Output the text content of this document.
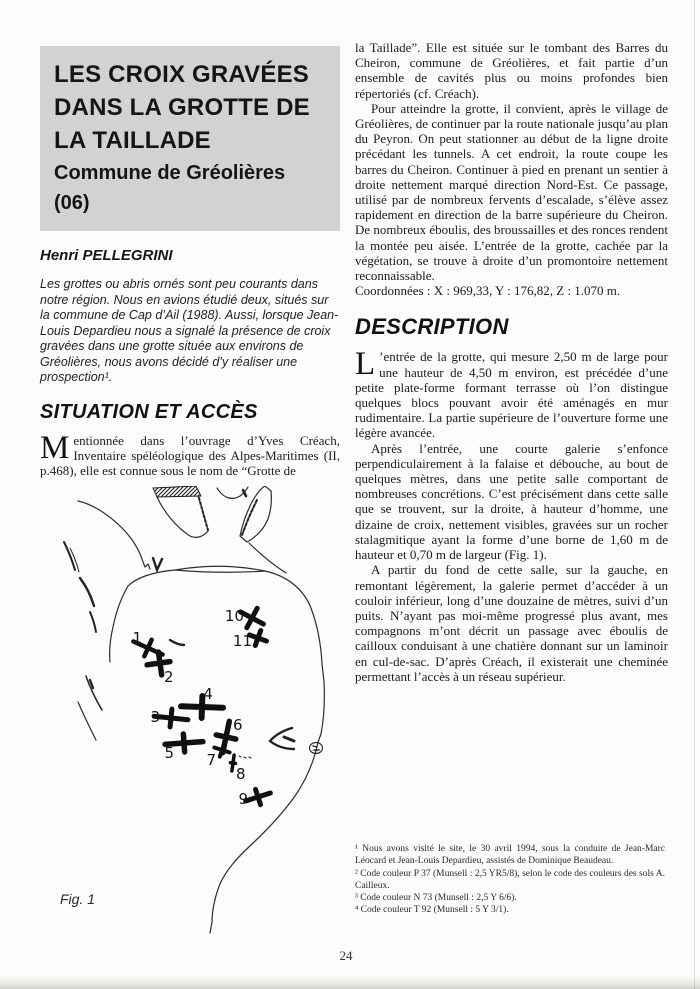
LES CROIX GRAVÉES
DANS LA GROTTE DE
LA TAILLADE
Commune de Gréolières
(06)
Henri PELLEGRINI
Les grottes ou abris ornés sont peu courants dans notre région. Nous en avions étudié deux, situés sur la commune de Cap d’Ail (1988). Aussi, lorsque Jean-Louis Depardieu nous a signalé la présence de croix gravées dans une grotte située aux environs de Gréolières, nous avons décidé d’y réaliser une prospection¹.
SITUATION ET ACCÈS

Mentionnée dans l’ouvrage d’Yves Créach, Inventaire spéléologique des Alpes-Maritimes (II, p.468), elle est connue sous le nom de “Grotte de

1
2
3
4
5
6
7
8
9
10
11
Fig. 1

la Taillade”. Elle est située sur le tombant des Barres du Cheiron, commune de Gréolières, et fait partie d’un ensemble de cavités plus ou moins profondes bien répertoriés (cf. Créach).

Pour atteindre la grotte, il convient, après le village de Gréolières, de continuer par la route nationale jusqu’au plan du Peyron. On peut stationner au début de la ligne droite précédant les tunnels. A cet endroit, la route coupe les barres du Cheiron. Continuer à pied en prenant un sentier à droite nettement marqué direction Nord-Est. Ce passage, utilisé par de nombreux fervents d’escalade, s’élève assez rapidement en direction de la barre supérieure du Cheiron. De nombreux éboulis, des broussailles et des ronces rendent la montée peu aisée. L’entrée de la grotte, cachée par la végétation, se trouve à droite d’un promontoire nettement reconnaissable.

Coordonnées : X : 969,33, Y : 176,82, Z : 1.070 m.

DESCRIPTION

L ’entrée de la grotte, qui mesure 2,50 m de large pour une hauteur de 4,50 m environ, est précédée d’une petite plate-forme formant terrasse où l’on distingue quelques blocs pouvant avoir été aménagés en mur rudimentaire. La partie supérieure de l’ouverture forme une légère avancée.

Après l’entrée, une courte galerie s’enfonce perpendiculairement à la falaise et débouche, au bout de quelques mètres, dans une petite salle comportant de nombreuses concrétions. C’est précisément dans cette salle que se trouvent, sur la droite, à hauteur d’homme, une dizaine de croix, nettement visibles, gravées sur un rocher stalagmitique ayant la forme d’une borne de 1,60 m de hauteur et 0,70 m de largeur (Fig. 1).

A partir du fond de cette salle, sur la gauche, en remontant légèrement, la galerie permet d’accéder à un couloir inférieur, long d’une douzaine de mètres, suivi d’un puits. N’ayant pas moi-même progressé plus avant, mes compagnons m’ont décrit un passage avec éboulis de cailloux conduisant à une chatière donnant sur un laminoir en cul-de-sac. D’après Créach, il existerait une cheminée permettant l’accès à un réseau supérieur.

¹ Nous avons visité le site, le 30 avril 1994, sous la conduite de Jean-Marc Léocard et Jean-Louis Depardieu, assistés de Dominique Beaudeau.

² Code couleur P 37 (Munsell : 2,5 YR5/8), selon le code des couleurs des sols A. Cailleux.

³ Code couleur N 73 (Munsell : 2,5 Y 6/6).

⁴ Code couleur T 92 (Munsell : 5 Y 3/1).

24
